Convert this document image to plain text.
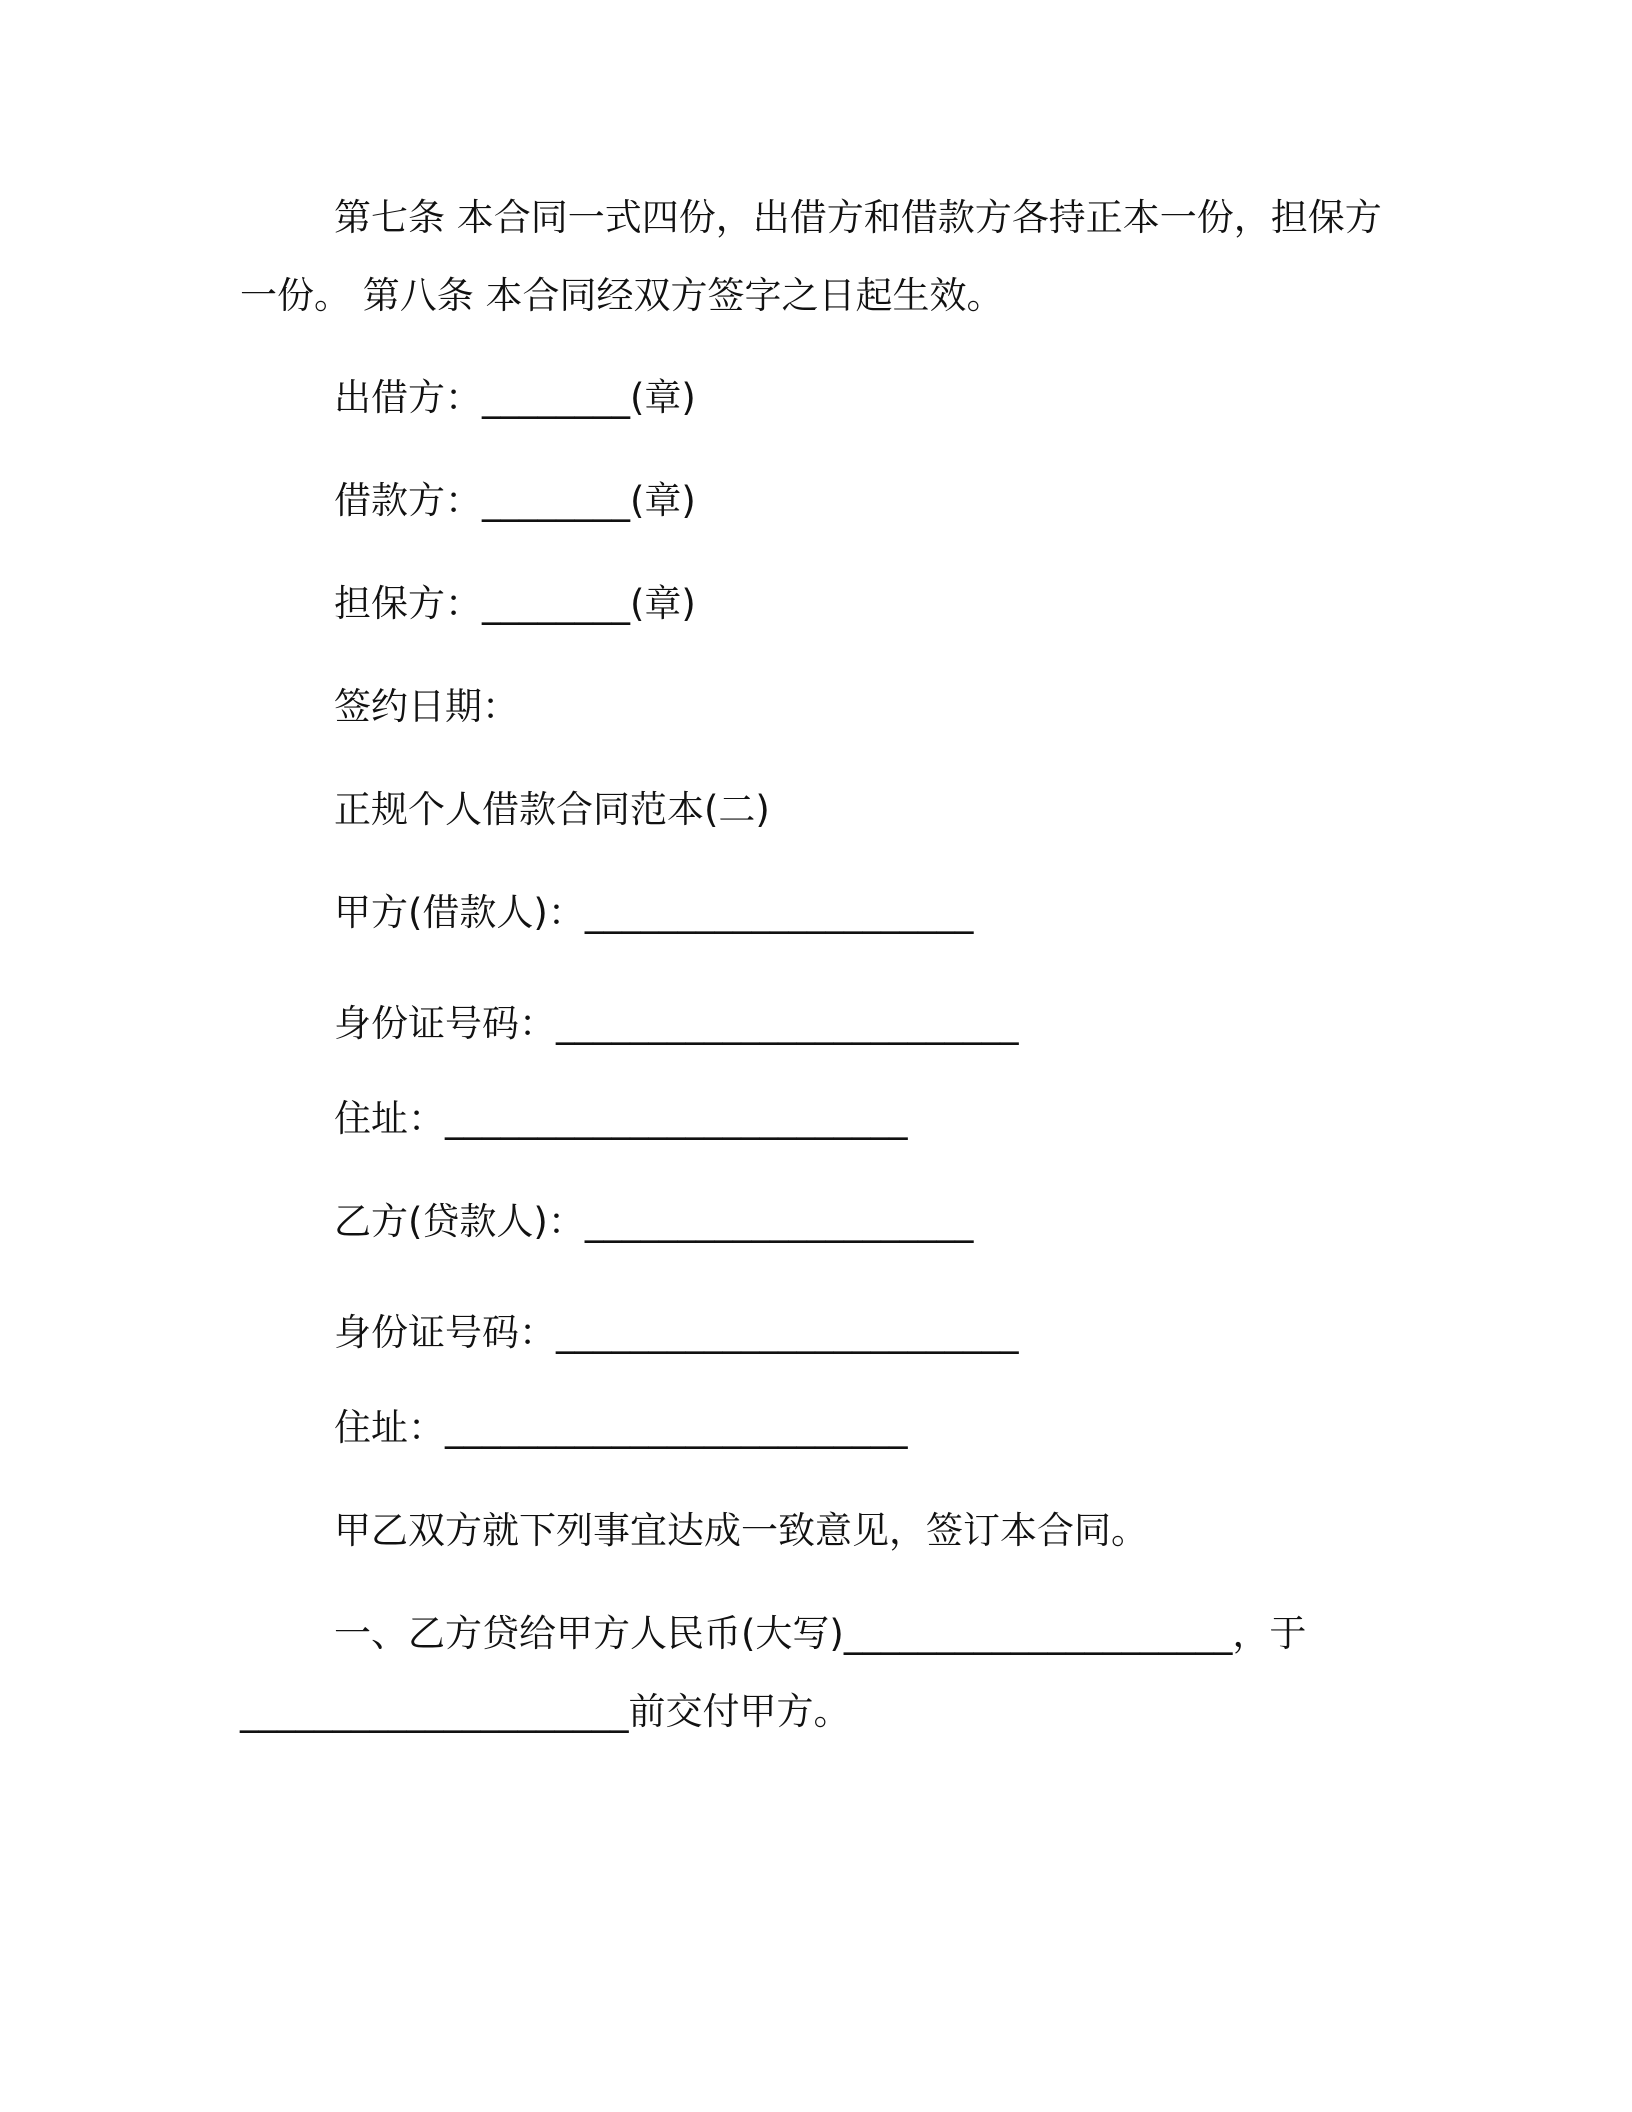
第七条 本合同一式四份，出借方和借款方各持正本一份，担保方
一份。 第八条 本合同经双方签字之日起生效。
出借方：________(章)
借款方：________(章)
担保方：________(章)
签约日期：
正规个人借款合同范本(二)
甲方(借款人)：_____________________
身份证号码：_________________________
住址：_________________________
乙方(贷款人)：_____________________
身份证号码：_________________________
住址：_________________________
甲乙双方就下列事宜达成一致意见，签订本合同。
一、乙方贷给甲方人民币(大写)_____________________，于
_____________________前交付甲方。
